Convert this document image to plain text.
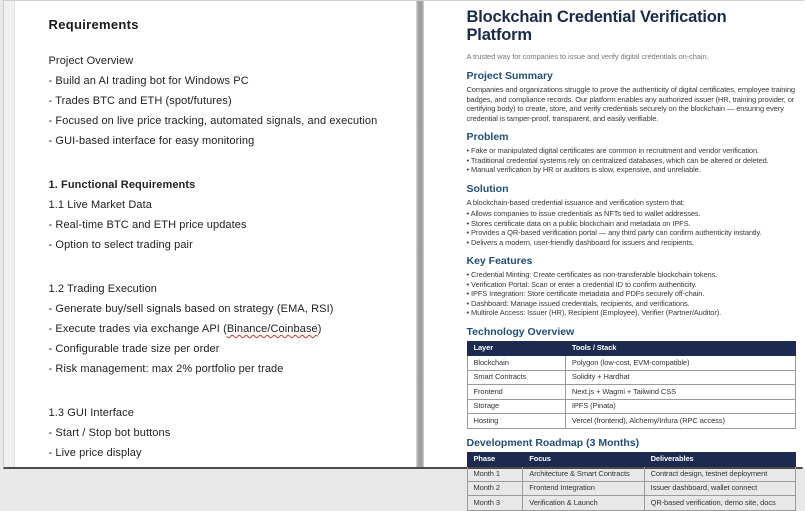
Requirements
Project Overview
- Build an AI trading bot for Windows PC
- Trades BTC and ETH (spot/futures)
- Focused on live price tracking, automated signals, and execution
- GUI-based interface for easy monitoring
1. Functional Requirements
1.1 Live Market Data
- Real-time BTC and ETH price updates
- Option to select trading pair
1.2 Trading Execution
- Generate buy/sell signals based on strategy (EMA, RSI)
- Execute trades via exchange API (Binance/Coinbase)
- Configurable trade size per order
- Risk management: max 2% portfolio per trade
1.3 GUI Interface
- Start / Stop bot buttons
- Live price display
Blockchain Credential Verification Platform
A trusted way for companies to issue and verify digital credentials on-chain.
Project Summary
Companies and organizations struggle to prove the authenticity of digital certificates, employee training badges, and compliance records. Our platform enables any authorized issuer (HR, training provider, or certifying body) to create, store, and verify credentials securely on the blockchain — ensuring every credential is tamper-proof, transparent, and easily verifiable.
Problem
• Fake or manipulated digital certificates are common in recruitment and vendor verification.
• Traditional credential systems rely on centralized databases, which can be altered or deleted.
• Manual verification by HR or auditors is slow, expensive, and unreliable.
Solution
A blockchain-based credential issuance and verification system that:
• Allows companies to issue credentials as NFTs tied to wallet addresses.
• Stores certificate data on a public blockchain and metadata on IPFS.
• Provides a QR-based verification portal — any third party can confirm authenticity instantly.
• Delivers a modern, user-friendly dashboard for issuers and recipients.
Key Features
• Credential Minting: Create certificates as non-transferable blockchain tokens.
• Verification Portal: Scan or enter a credential ID to confirm authenticity.
• IPFS Integration: Store certificate metadata and PDFs securely off-chain.
• Dashboard: Manage issued credentials, recipients, and verifications.
• Multirole Access: Issuer (HR), Recipient (Employee), Verifier (Partner/Auditor).
Technology Overview
Layer	Tools / Stack
Blockchain	Polygon (low-cost, EVM-compatible)
Smart Contracts	Solidity + Hardhat
Frontend	Next.js + Wagmi + Tailwind CSS
Storage	IPFS (Pinata)
Hosting	Vercel (frontend), Alchemy/Infura (RPC access)
Development Roadmap (3 Months)
Phase	Focus	Deliverables
Month 1	Architecture & Smart Contracts	Contract design, testnet deployment
Month 2	Frontend Integration	Issuer dashboard, wallet connect
Month 3	Verification & Launch	QR-based verification, demo site, docs
